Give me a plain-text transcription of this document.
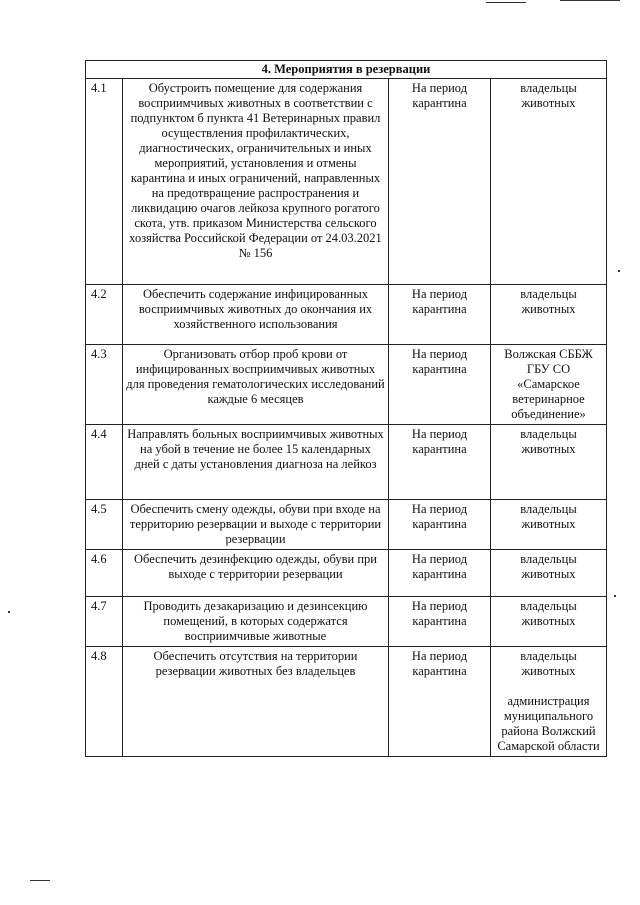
4. Мероприятия в резервации			
4.1	Обустроить помещение для содержания восприимчивых животных в соответствии с подпунктом б пункта 41 Ветеринарных правил осуществления профилактических, диагностических, ограничительных и иных мероприятий, установления и отмены карантина и иных ограничений, направленных на предотвращение распространения и ликвидацию очагов лейкоза крупного рогатого скота, утв. приказом Министерства сельского хозяйства Российской Федерации от 24.03.2021 № 156	На период карантина	владельцы животных
4.2	Обеспечить содержание инфицированных восприимчивых животных до окончания их хозяйственного использования	На период карантина	владельцы животных
4.3	Организовать отбор проб крови от инфицированных восприимчивых животных для проведения гематологических исследований каждые 6 месяцев	На период карантина	Волжская СББЖ ГБУ СО «Самарское ветеринарное объединение»
4.4	Направлять больных восприимчивых животных на убой в течение не более 15 календарных дней с даты установления диагноза на лейкоз	На период карантина	владельцы животных
4.5	Обеспечить смену одежды, обуви при входе на территорию резервации и выходе с территории резервации	На период карантина	владельцы животных
4.6	Обеспечить дезинфекцию одежды, обуви при выходе с территории резервации	На период карантина	владельцы животных
4.7	Проводить дезакаризацию и дезинсекцию помещений, в которых содержатся восприимчивые животные	На период карантина	владельцы животных
4.8	Обеспечить отсутствия на территории резервации животных без владельцев	На период карантина	владельцы животных
администрация муниципального района Волжский Самарской области
